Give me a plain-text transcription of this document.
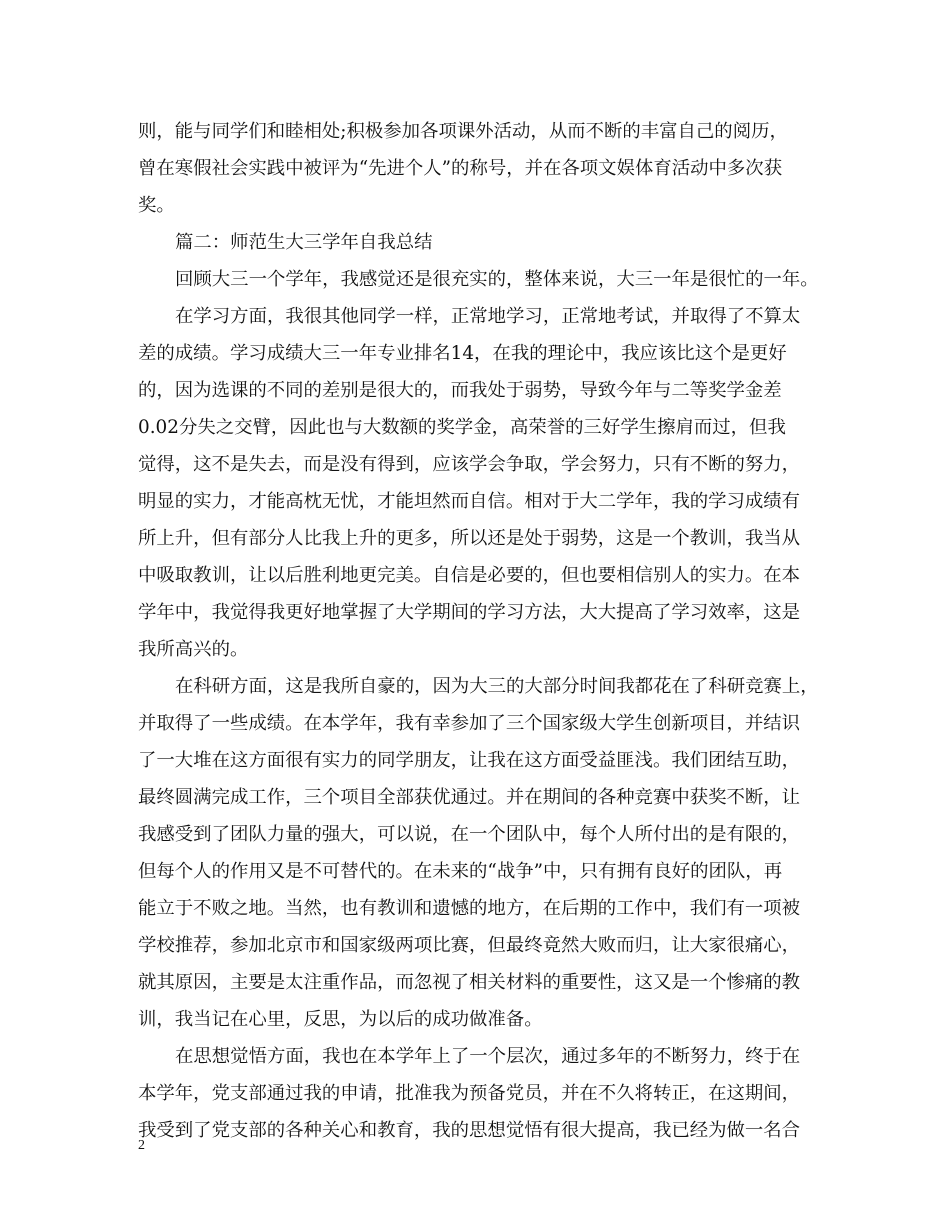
则，能与同学们和睦相处;积极参加各项课外活动，从而不断的丰富自己的阅历，
曾在寒假社会实践中被评为“先进个人”的称号，并在各项文娱体育活动中多次获
奖。
篇二：师范生大三学年自我总结
回顾大三一个学年，我感觉还是很充实的，整体来说，大三一年是很忙的一年。
在学习方面，我很其他同学一样，正常地学习，正常地考试，并取得了不算太
差的成绩。学习成绩大三一年专业排名14，在我的理论中，我应该比这个是更好
的，因为选课的不同的差别是很大的，而我处于弱势，导致今年与二等奖学金差
0.02分失之交臂，因此也与大数额的奖学金，高荣誉的三好学生擦肩而过，但我
觉得，这不是失去，而是没有得到，应该学会争取，学会努力，只有不断的努力，
明显的实力，才能高枕无忧，才能坦然而自信。相对于大二学年，我的学习成绩有
所上升，但有部分人比我上升的更多，所以还是处于弱势，这是一个教训，我当从
中吸取教训，让以后胜利地更完美。自信是必要的，但也要相信别人的实力。在本
学年中，我觉得我更好地掌握了大学期间的学习方法，大大提高了学习效率，这是
我所高兴的。
在科研方面，这是我所自豪的，因为大三的大部分时间我都花在了科研竞赛上，
并取得了一些成绩。在本学年，我有幸参加了三个国家级大学生创新项目，并结识
了一大堆在这方面很有实力的同学朋友，让我在这方面受益匪浅。我们团结互助，
最终圆满完成工作，三个项目全部获优通过。并在期间的各种竞赛中获奖不断，让
我感受到了团队力量的强大，可以说，在一个团队中，每个人所付出的是有限的，
但每个人的作用又是不可替代的。在未来的“战争”中，只有拥有良好的团队，再
能立于不败之地。当然，也有教训和遗憾的地方，在后期的工作中，我们有一项被
学校推荐，参加北京市和国家级两项比赛，但最终竟然大败而归，让大家很痛心，
就其原因，主要是太注重作品，而忽视了相关材料的重要性，这又是一个惨痛的教
训，我当记在心里，反思，为以后的成功做准备。
在思想觉悟方面，我也在本学年上了一个层次，通过多年的不断努力，终于在
本学年，党支部通过我的申请，批准我为预备党员，并在不久将转正，在这期间，
我受到了党支部的各种关心和教育，我的思想觉悟有很大提高，我已经为做一名合
2
